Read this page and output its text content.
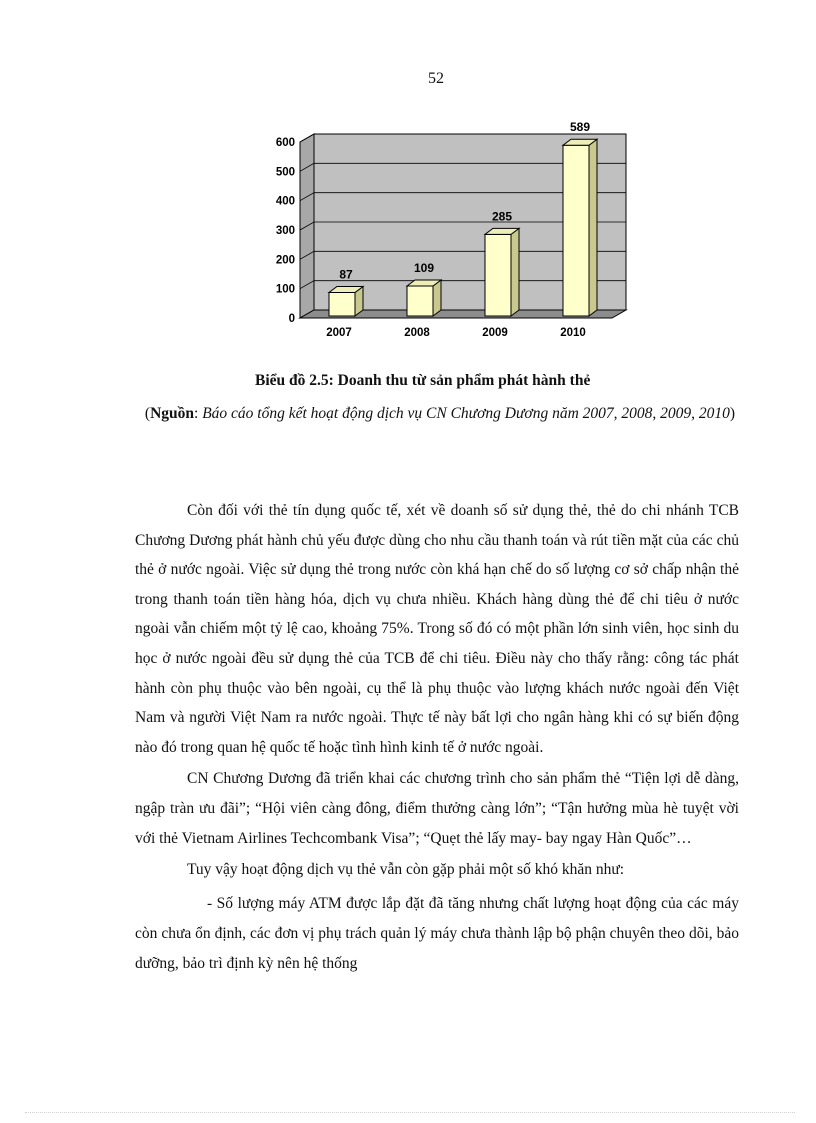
52
0
100
200
300
400
500
600
87	109
285
589
2007	2008	2009	2010
Biểu đồ 2.5: Doanh thu từ sản phẩm phát hành thẻ
(Nguồn: Báo cáo tổng kết hoạt động dịch vụ CN Chương Dương năm 2007, 2008, 2009, 2010)

Còn đối với thẻ tín dụng quốc tế, xét về doanh số sử dụng thẻ, thẻ do chi nhánh TCB Chương Dương phát hành chủ yếu được dùng cho nhu cầu thanh toán và rút tiền mặt của các chủ thẻ ở nước ngoài. Việc sử dụng thẻ trong nước còn khá hạn chế do số lượng cơ sở chấp nhận thẻ trong thanh toán tiền hàng hóa, dịch vụ chưa nhiều. Khách hàng dùng thẻ để chi tiêu ở nước ngoài vẫn chiếm một tỷ lệ cao, khoảng 75%. Trong số đó có một phần lớn sinh viên, học sinh du học ở nước ngoài đều sử dụng thẻ của TCB để chi tiêu. Điều này cho thấy rằng: công tác phát hành còn phụ thuộc vào bên ngoài, cụ thể là phụ thuộc vào lượng khách nước ngoài đến Việt Nam và người Việt Nam ra nước ngoài. Thực tế này bất lợi cho ngân hàng khi có sự biến động nào đó trong quan hệ quốc tế hoặc tình hình kinh tế ở nước ngoài.

CN Chương Dương đã triển khai các chương trình cho sản phẩm thẻ “Tiện lợi dễ dàng, ngập tràn ưu đãi”; “Hội viên càng đông, điểm thưởng càng lớn”; “Tận hưởng mùa hè tuyệt vời với thẻ Vietnam Airlines Techcombank Visa”; “Quẹt thẻ lấy may- bay ngay Hàn Quốc”…

Tuy vậy hoạt động dịch vụ thẻ vẫn còn gặp phải một số khó khăn như:

- Số lượng máy ATM được lắp đặt đã tăng nhưng chất lượng hoạt động của các máy còn chưa ổn định, các đơn vị phụ trách quản lý máy chưa thành lập bộ phận chuyên theo dõi, bảo dưỡng, bảo trì định kỳ nên hệ thống
